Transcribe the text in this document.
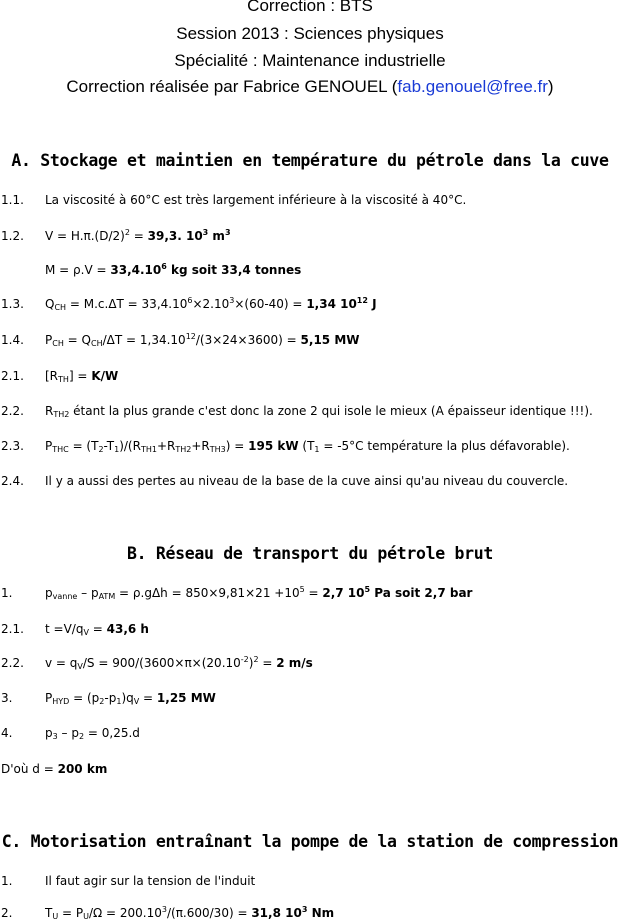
Correction : BTS
Session 2013 : Sciences physiques
Spécialité : Maintenance industrielle
Correction réalisée par Fabrice GENOUEL (fab.genouel@free.fr)
A. Stockage et maintien en température du pétrole dans la cuve
1.1. La viscosité à 60°C est très largement inférieure à la viscosité à 40°C.
1.2. $V = H.\pi.(D/2)^2 = 39,3$. $10^3$ $m^3$
$M = \rho.V = 33,4.10^6$ kg soit 33,4 tonnes
1.3. $Q_{CH} = M.c.\Delta T = 33,4.10^6\times 2.10^3\times(60-40) = 1,34$ $10^{12}$ J
1.4. $P_{CH} = Q_{CH}/\Delta T = 1,34.10^{12}/(3\times 24\times 3600) = 5,15$ MW
2.1. $[R_{TH}] = K/W$
2.2. $R_{TH2}$ étant la plus grande c'est donc la zone 2 qui isole le mieux (A épaisseur identique !!!).
2.3. $P_{THC} = (T_2-T_1)/(R_{TH1}+R_{TH2}+R_{TH3}) = 195$ kW ($T_1 = -5^\circ C$ température la plus défavorable).
2.4. Il y a aussi des pertes au niveau de la base de la cuve ainsi qu'au niveau du couvercle.
B. Réseau de transport du pétrole brut
1.	$p_{vanne} - p_{ATM} = \rho.g\Delta h = 850\times 9,81\times 21 +10^5 = 2,7$ $10^5$ Pa soit 2,7 bar
2.1. $t =V/q_V = 43,6$ h
2.2. $v = q_V/S = 900/(3600\times\pi\times(20.10^{-2})^2 = 2$ m/s
3.	$P_{HYD} = (p_2-p_1)q_V = 1,25$ MW
4.	$p_3 - p_2 = 0,25.d$
D'où d = 200 km
C. Motorisation entraînant la pompe de la station de compression
1.	Il faut agir sur la tension de l'induit
2.	$T_U = P_U/\Omega = 200.10^3/(\pi.600/30) = 31,8$ $10^3$ Nm
